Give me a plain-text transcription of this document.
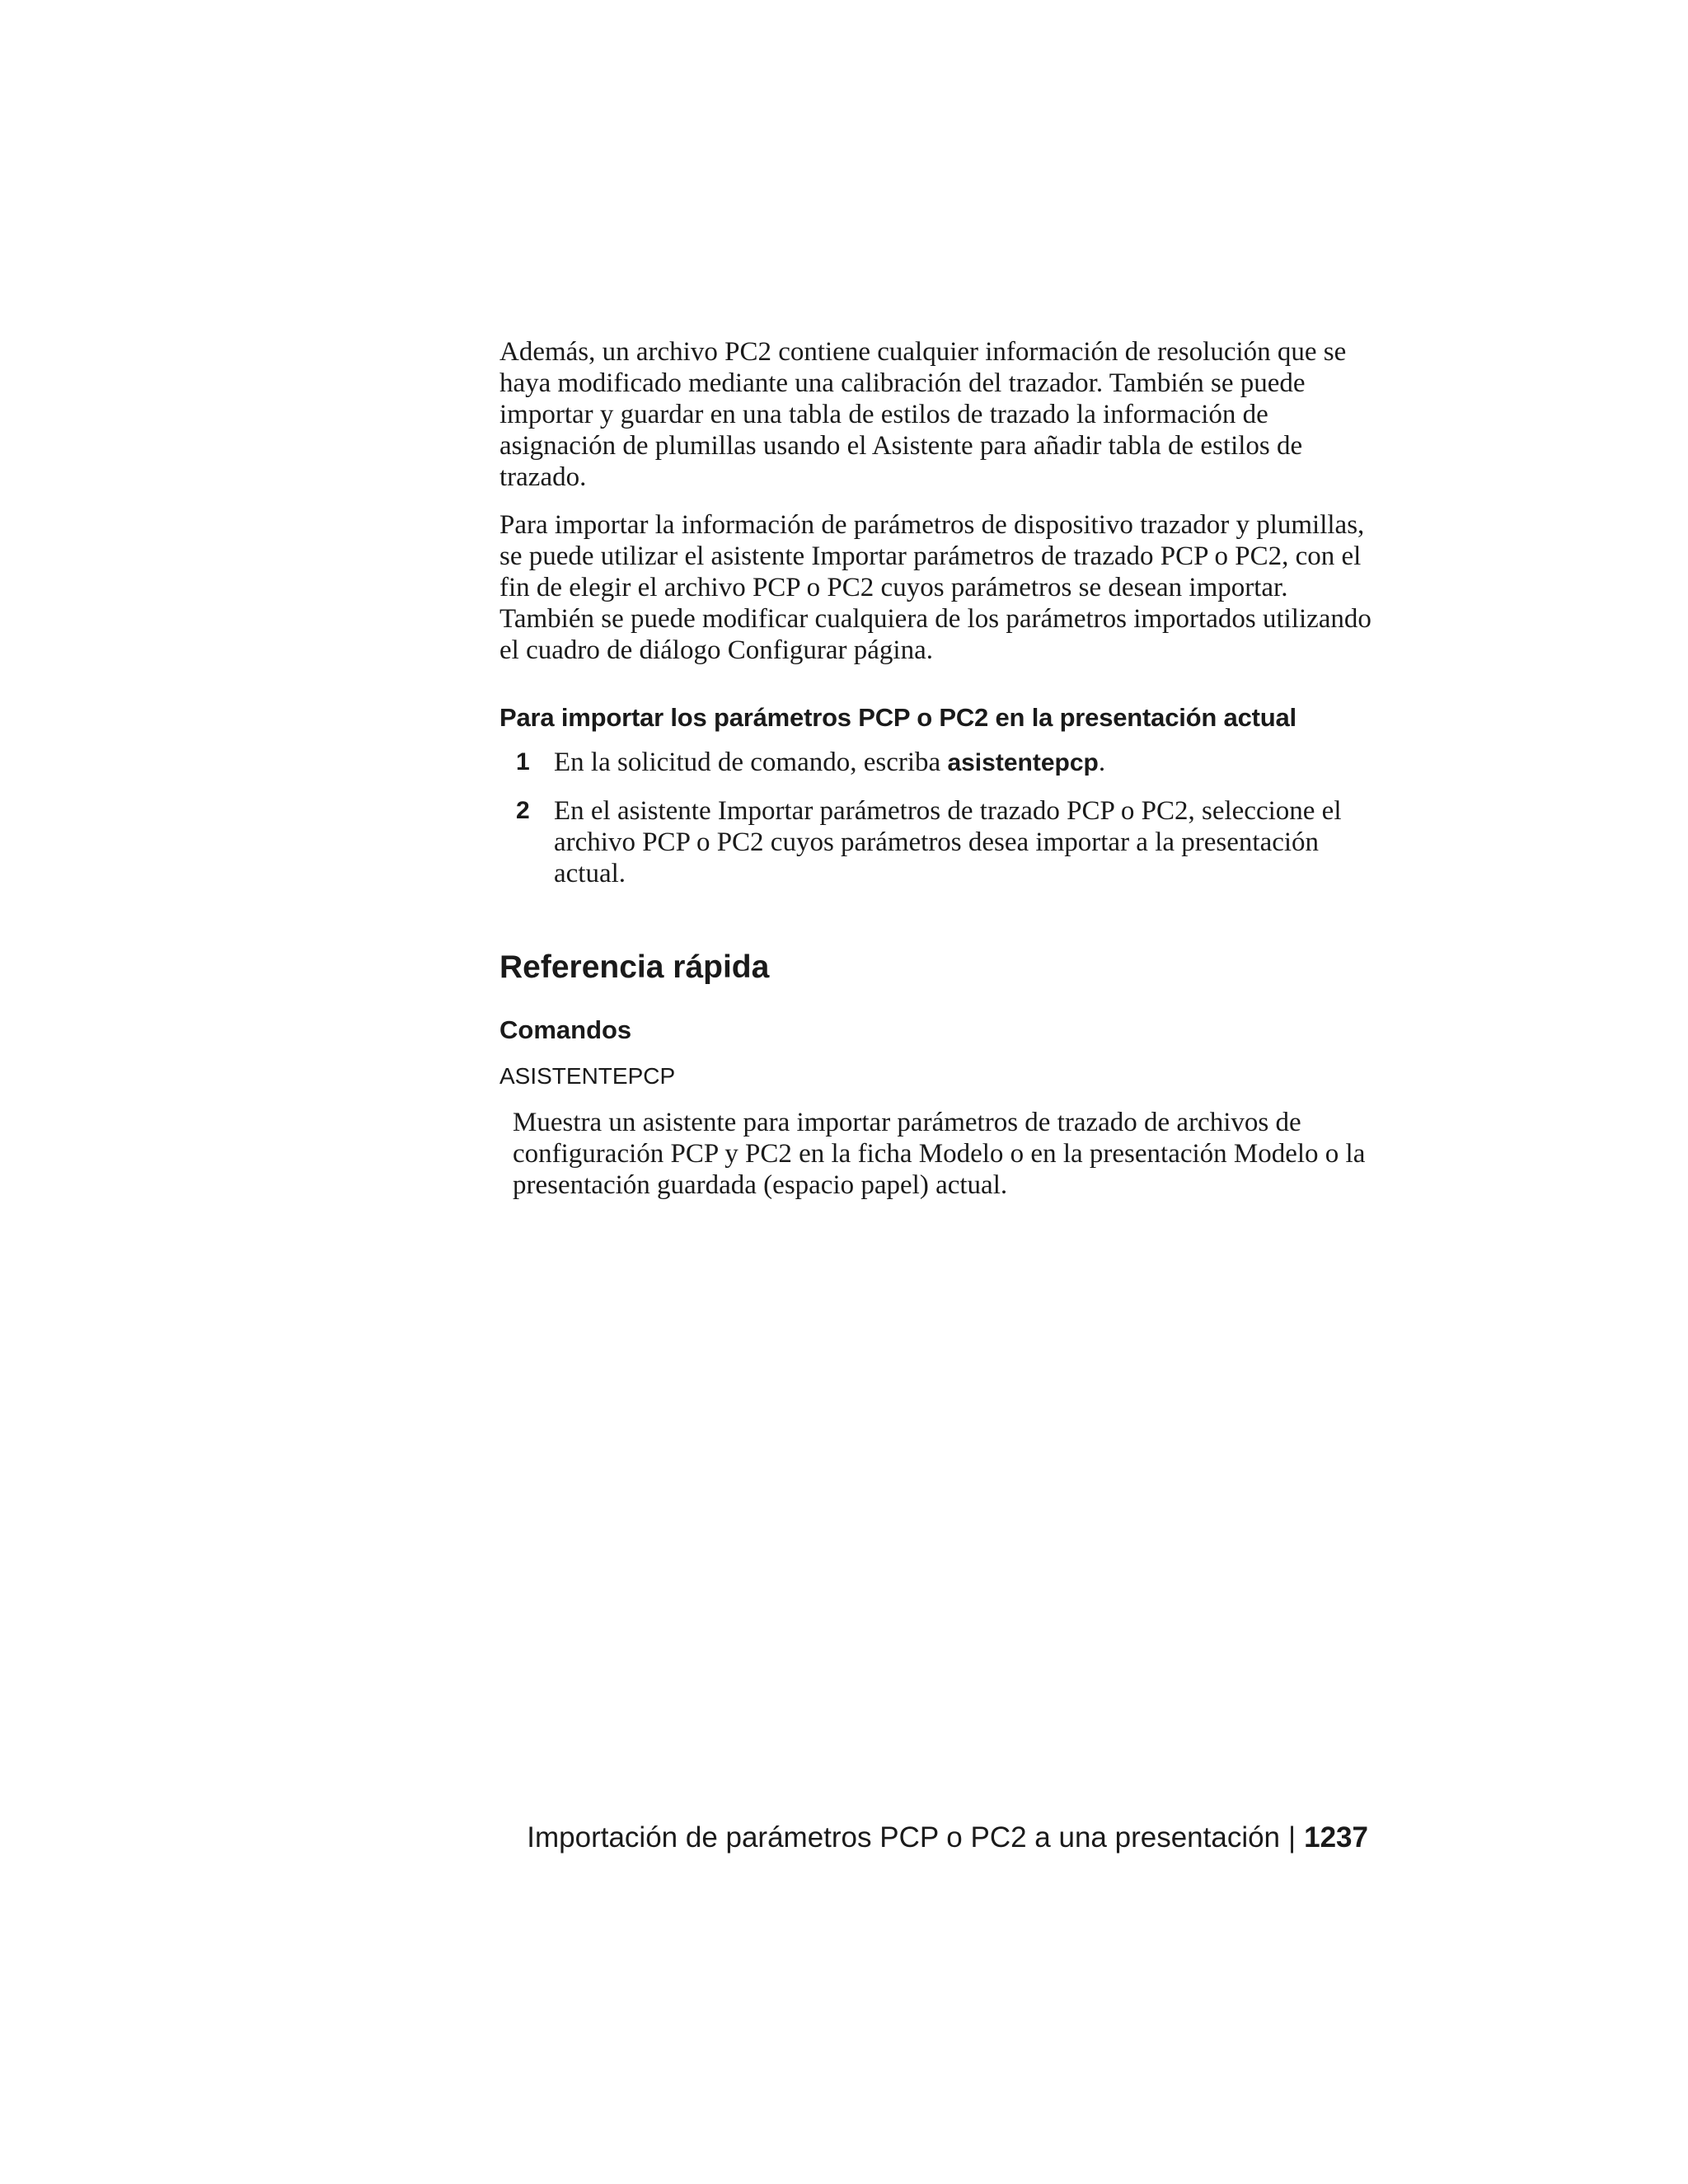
Además, un archivo PC2 contiene cualquier información de resolución que se haya modificado mediante una calibración del trazador. También se puede importar y guardar en una tabla de estilos de trazado la información de asignación de plumillas usando el Asistente para añadir tabla de estilos de trazado.

Para importar la información de parámetros de dispositivo trazador y plumillas, se puede utilizar el asistente Importar parámetros de trazado PCP o PC2, con el fin de elegir el archivo PCP o PC2 cuyos parámetros se desean importar. También se puede modificar cualquiera de los parámetros importados utilizando el cuadro de diálogo Configurar página.

Para importar los parámetros PCP o PC2 en la presentación actual
1 En la solicitud de comando, escriba asistentepcp.
2 En el asistente Importar parámetros de trazado PCP o PC2, seleccione el archivo PCP o PC2 cuyos parámetros desea importar a la presentación actual.
Referencia rápida
Comandos
ASISTENTEPCP

Muestra un asistente para importar parámetros de trazado de archivos de configuración PCP y PC2 en la ficha Modelo o en la presentación Modelo o la presentación guardada (espacio papel) actual.

Importación de parámetros PCP o PC2 a una presentación | 1237
